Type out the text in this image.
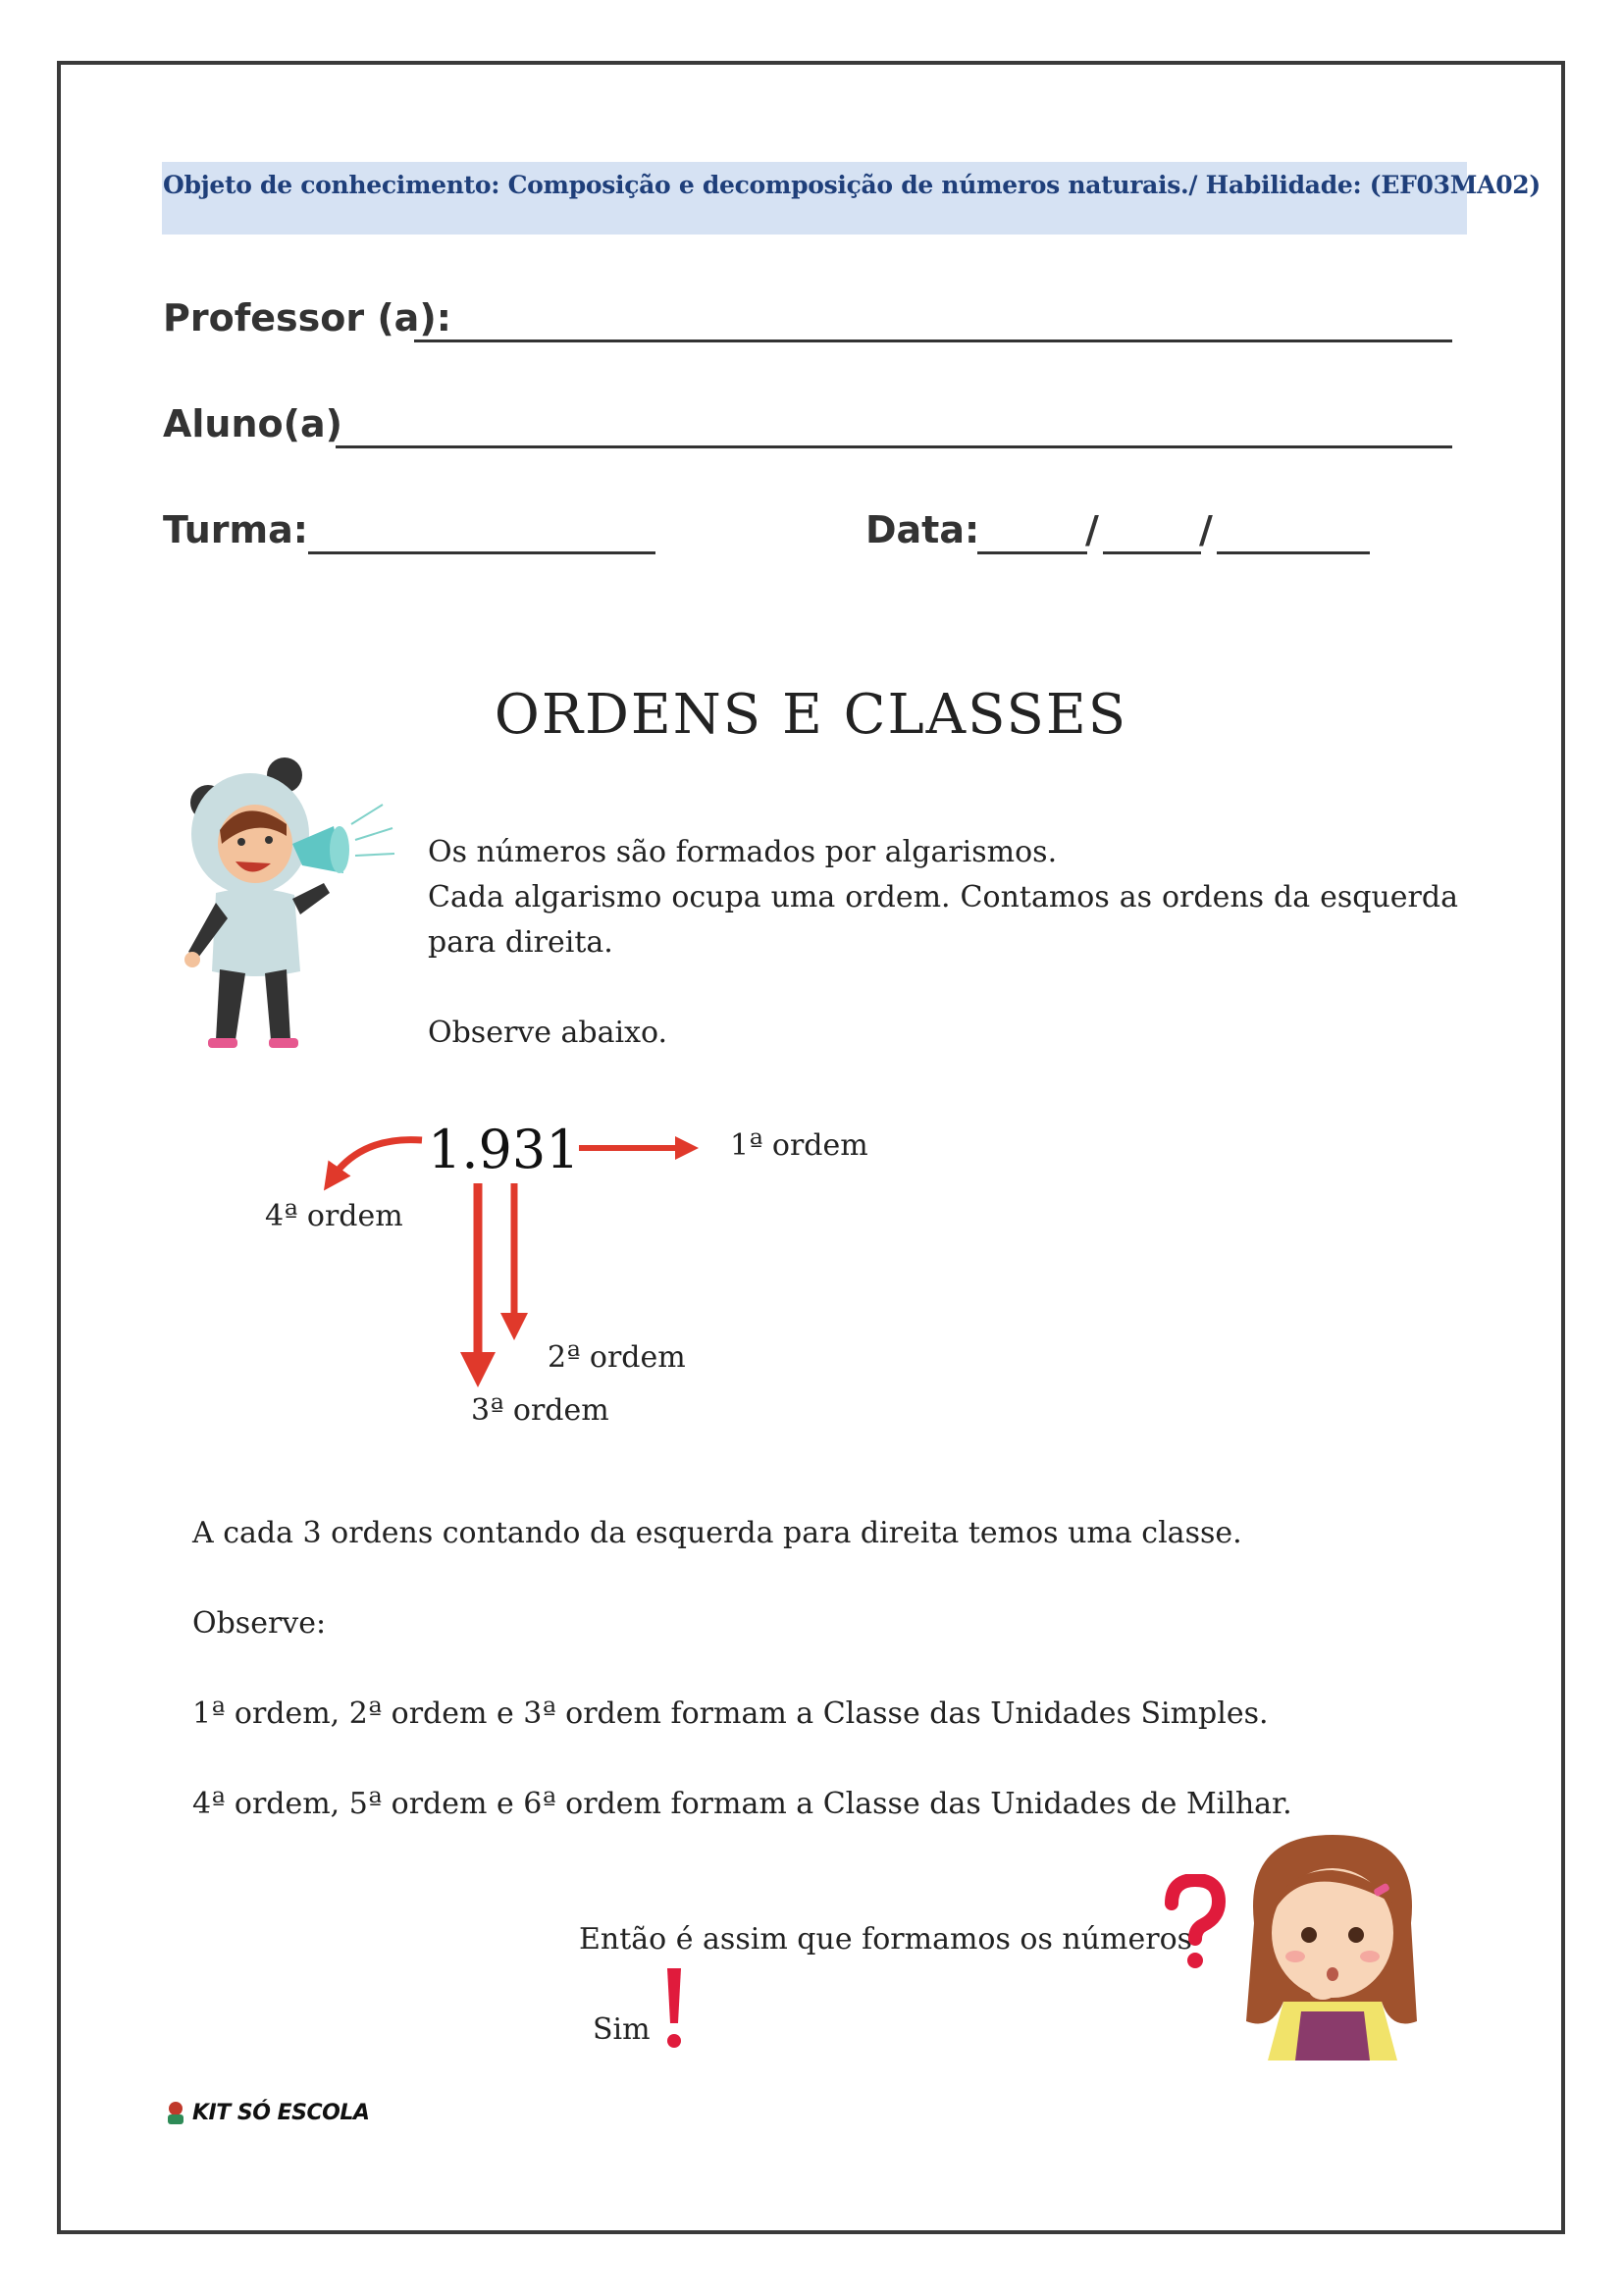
Objeto de conhecimento: Composição e decomposição de números naturais./ Habilidade: (EF03MA02)
Professor (a):
Aluno(a)
Turma:	Data:	/	/
ORDENS E CLASSES
Os números são formados por algarismos.
Cada algarismo ocupa uma ordem. Contamos as ordens da esquerda para direita.
Observe abaixo.
1.931	1ª ordem
4ª ordem
2ª ordem
3ª ordem
A cada 3 ordens contando da esquerda para direita temos uma classe.
Observe:
1ª ordem, 2ª ordem e 3ª ordem formam a Classe das Unidades Simples.
4ª ordem, 5ª ordem e 6ª ordem formam a Classe das Unidades de Milhar.
Então é assim que formamos os números
Sim
KIT SÓ ESCOLA
